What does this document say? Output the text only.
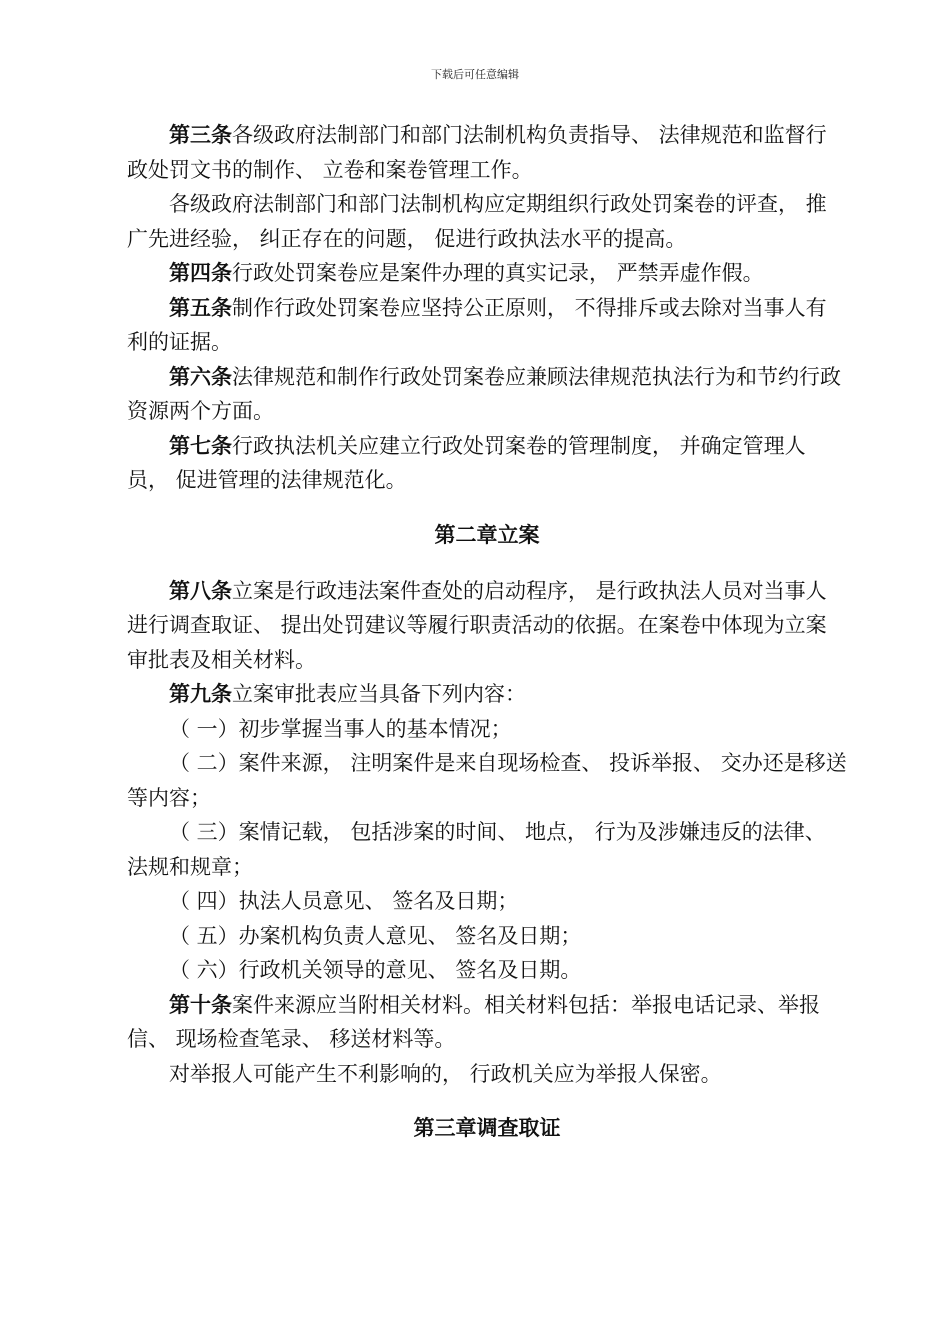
下载后可任意编辑

第三条各级政府法制部门和部门法制机构负责指导、 法律规范和监督行政处罚文书的制作、 立卷和案卷管理工作。

各级政府法制部门和部门法制机构应定期组织行政处罚案卷的评查， 推广先进经验， 纠正存在的问题， 促进行政执法水平的提高。

第四条行政处罚案卷应是案件办理的真实记录， 严禁弄虚作假。

第五条制作行政处罚案卷应坚持公正原则， 不得排斥或去除对当事人有利的证据。

第六条法律规范和制作行政处罚案卷应兼顾法律规范执法行为和节约行政资源两个方面。

第七条行政执法机关应建立行政处罚案卷的管理制度， 并确定管理人员， 促进管理的法律规范化。

第二章立案

第八条立案是行政违法案件查处的启动程序， 是行政执法人员对当事人进行调查取证、 提出处罚建议等履行职责活动的依据。在案卷中体现为立案审批表及相关材料。

第九条立案审批表应当具备下列内容：

（ 一）初步掌握当事人的基本情况；

（ 二）案件来源， 注明案件是来自现场检查、 投诉举报、 交办还是移送等内容；

（ 三）案情记载， 包括涉案的时间、 地点， 行为及涉嫌违反的法律、 法规和规章；

（ 四）执法人员意见、 签名及日期；

（ 五）办案机构负责人意见、 签名及日期；

（ 六）行政机关领导的意见、 签名及日期。

第十条案件来源应当附相关材料。相关材料包括：举报电话记录、举报信、 现场检查笔录、 移送材料等。

对举报人可能产生不利影响的， 行政机关应为举报人保密。

第三章调查取证
